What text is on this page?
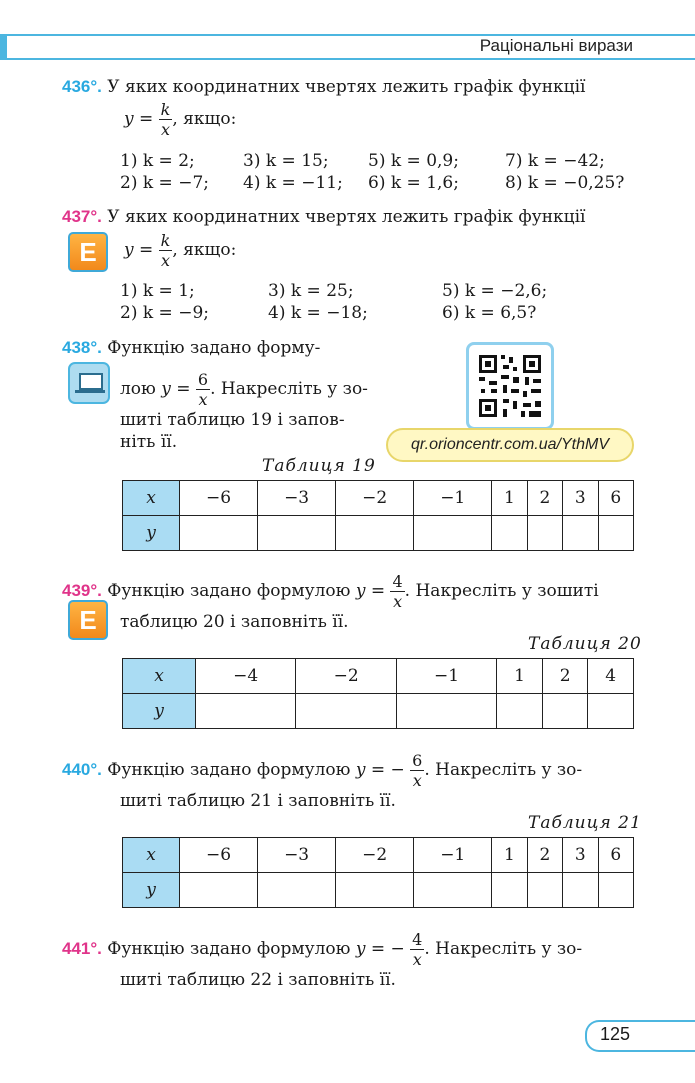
Раціональні вирази
436°. У яких координатних чвертях лежить графік функції
$y = \frac{k}{x}$ , якщо:
1) k = 2;	3) k = 15; 5) k = 0,9;	7) k = −42;
2) k = −7; 4) k = −11; 6) k = 1,6;	8) k = −0,25?
437°. У яких координатних чвертях лежить графік функції
E	$y = \frac{k}{x}$ , якщо:
1) k = 1;	3) k = 25;	5) k = −2,6;
2) k = −9;	4) k = −18;	6) k = 6,5?
438°. Функцію задано форму-
лою $y = \frac{6}{x}$ . Накресліть у зо-
шиті таблицю 19 і запов-
ніть її.	qr.orioncentr.com.ua/YthMV
Таблиця 19
x	−6	−3	−2	−1	1	2	3	6
y								
439°. Функцію задано формулою $y = \frac{4}{x}$ . Накресліть у зошиті
E	таблицю 20 і заповніть її.
Таблиця 20
x	−4	−2	−1	1	2	4
y						
440°. Функцію задано формулою y = − $\frac{6}{x}$ . Накресліть у зо-
шиті таблицю 21 і заповніть її.
Таблиця 21
x	−6	−3	−2	−1	1	2	3	6
y								
441°. Функцію задано формулою y = − $\frac{4}{x}$ . Накресліть у зо-
шиті таблицю 22 і заповніть її.
125
